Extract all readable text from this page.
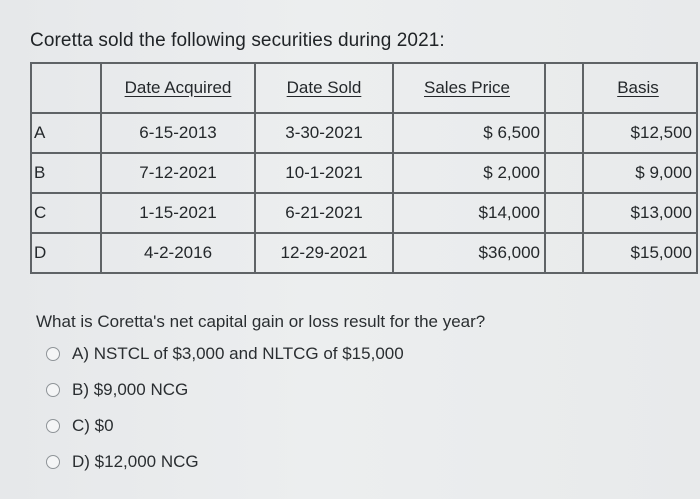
Coretta sold the following securities during 2021:
	Date Acquired	Date Sold	Sales Price		Basis
A	6-15-2013	3-30-2021	$ 6,500		$12,500
B	7-12-2021	10-1-2021	$ 2,000		$ 9,000
C	1-15-2021	6-21-2021	$14,000		$13,000
D	4-2-2016	12-29-2021	$36,000		$15,000
What is Coretta's net capital gain or loss result for the year?
A) NSTCL of $3,000 and NLTCG of $15,000
B) $9,000 NCG
C) $0
D) $12,000 NCG
